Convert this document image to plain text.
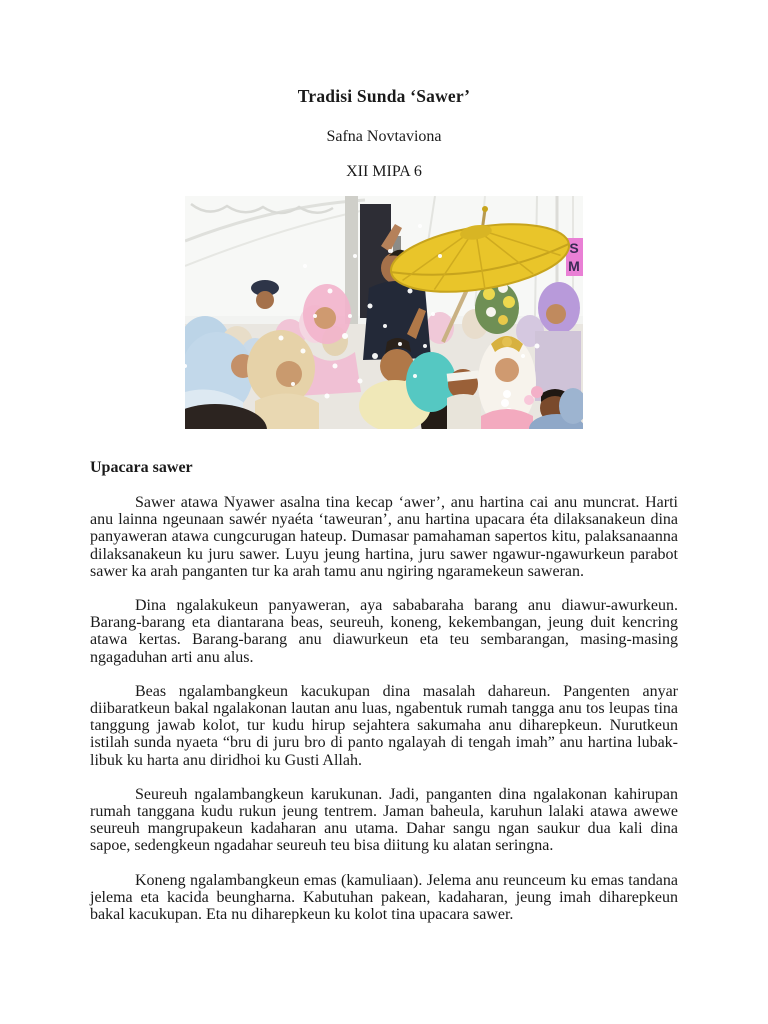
Tradisi Sunda ‘Sawer’
Safna Novtaviona
XII MIPA 6
S
M
Upacara sawer

Sawer atawa Nyawer asalna tina kecap ‘awer’, anu hartina cai anu muncrat. Harti anu lainna ngeunaan sawér nyaéta ‘taweuran’, anu hartina upacara éta dilaksanakeun dina panyaweran atawa cungcurugan hateup. Dumasar pamahaman sapertos kitu, palaksanaanna dilaksanakeun ku juru sawer. Luyu jeung hartina, juru sawer ngawur-ngawurkeun parabot sawer ka arah panganten tur ka arah tamu anu ngiring ngaramekeun saweran.

Dina ngalakukeun panyaweran, aya sababaraha barang anu diawur-awurkeun. Barang-barang eta diantarana beas, seureuh, koneng, kekembangan, jeung duit kencring atawa kertas. Barang-barang anu diawurkeun eta teu sembarangan, masing-masing ngagaduhan arti anu alus.

Beas ngalambangkeun kacukupan dina masalah dahareun. Pangenten anyar diibaratkeun bakal ngalakonan lautan anu luas, ngabentuk rumah tangga anu tos leupas tina tanggung jawab kolot, tur kudu hirup sejahtera sakumaha anu diharepkeun. Nurutkeun istilah sunda nyaeta “bru di juru bro di panto ngalayah di tengah imah” anu hartina lubak-libuk ku harta anu diridhoi ku Gusti Allah.

Seureuh ngalambangkeun karukunan. Jadi, panganten dina ngalakonan kahirupan rumah tanggana kudu rukun jeung tentrem. Jaman baheula, karuhun lalaki atawa awewe seureuh mangrupakeun kadaharan anu utama. Dahar sangu ngan saukur dua kali dina sapoe, sedengkeun ngadahar seureuh teu bisa diitung ku alatan seringna.

Koneng ngalambangkeun emas (kamuliaan). Jelema anu reunceum ku emas tandana jelema eta kacida beungharna. Kabutuhan pakean, kadaharan, jeung imah diharepkeun bakal kacukupan. Eta nu diharepkeun ku kolot tina upacara sawer.
